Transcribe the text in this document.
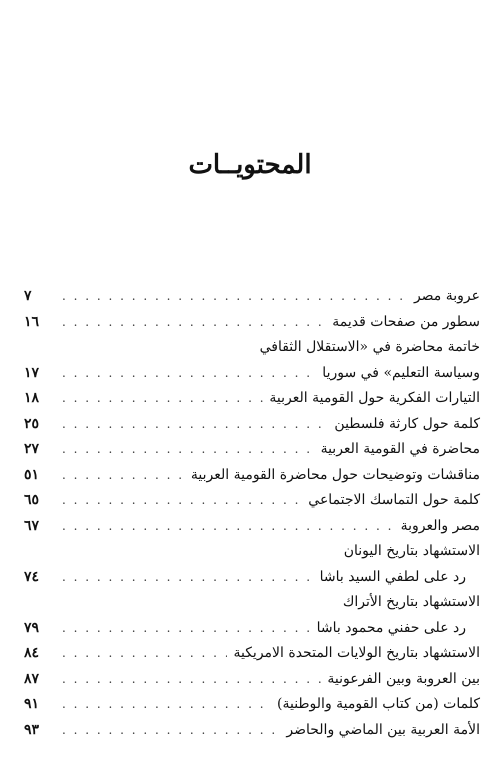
المحتويــات
عروبة مصر
. . .
٧
سطور من صفحات قديمة
. . .
١٦
خاتمة محاضرة في «الاستقلال الثقافي
وسياسة التعليم» في سوريا
. . .
١٧
التيارات الفكرية حول القومية العربية
. . .
١٨
كلمة حول كارثة فلسطين
. . .
٢٥
محاضرة في القومية العربية
. . .
٢٧
مناقشات وتوضيحات حول محاضرة القومية العربية
. . .
٥١
كلمة حول التماسك الاجتماعي
. . .
٦٥
مصر والعروبة
. . .
٦٧
الاستشهاد بتاريخ اليونان
رد على لطفي السيد باشا
. . .
٧٤
الاستشهاد بتاريخ الأتراك
رد على حفني محمود باشا
. . .
٧٩
الاستشهاد بتاريخ الولايات المتحدة الامريكية
. . .
٨٤
بين العروبة وبين الفرعونية
. . .
٨٧
كلمات (من كتاب القومية والوطنية)
. . .
٩١
الأمة العربية بين الماضي والحاضر
. . .
٩٣
